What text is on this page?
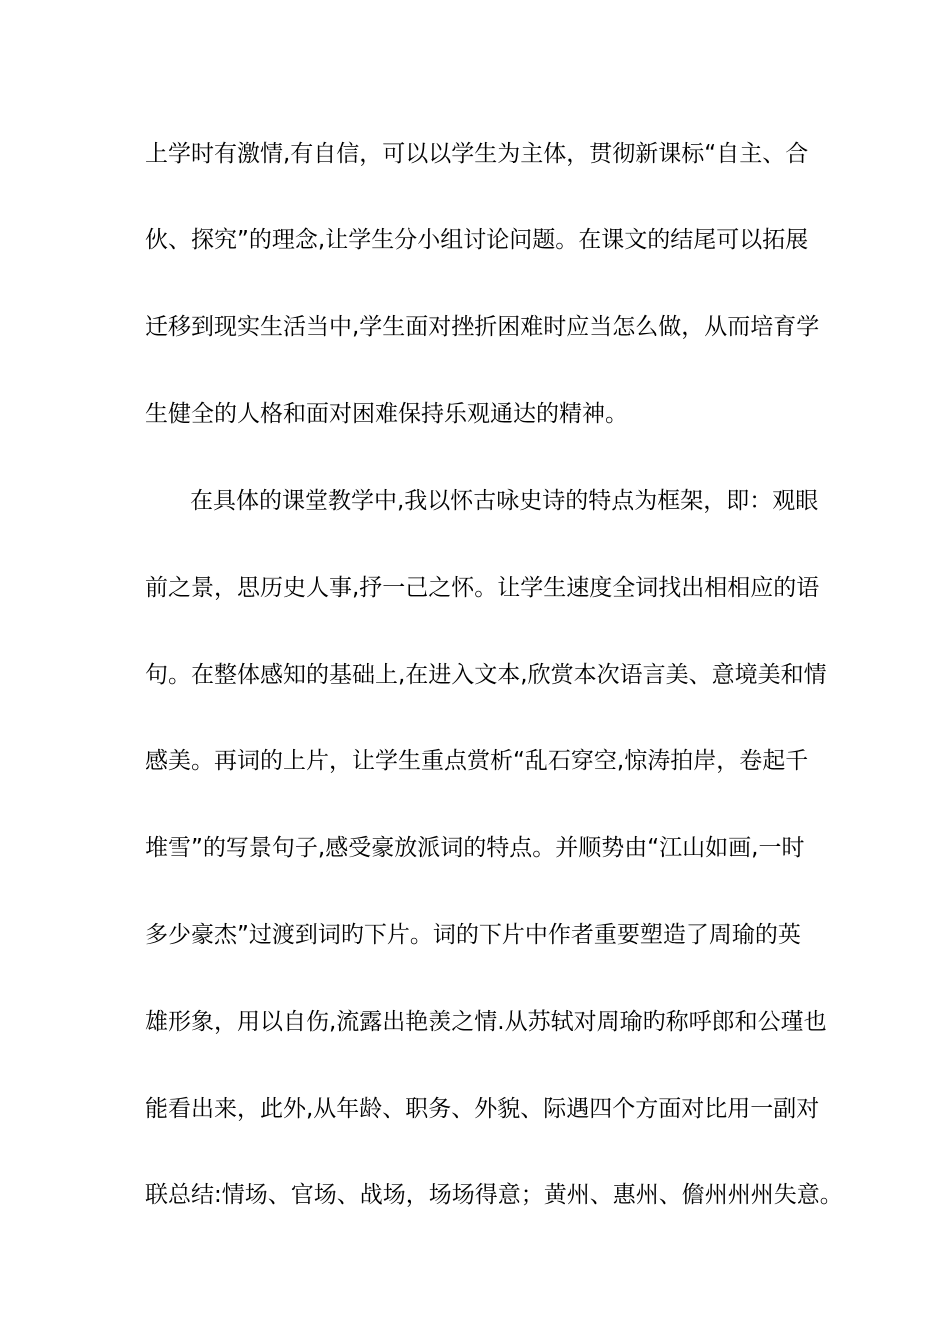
上学时有激情,有自信，可以以学生为主体，贯彻新课标“自主、合
伙、探究”的理念,让学生分小组讨论问题。在课文的结尾可以拓展
迁移到现实生活当中,学生面对挫折困难时应当怎么做，从而培育学
生健全的人格和面对困难保持乐观通达的精神。
在具体的课堂教学中,我以怀古咏史诗的特点为框架，即：观眼
前之景，思历史人事,抒一己之怀。让学生速度全词找出相相应的语
句。在整体感知的基础上,在进入文本,欣赏本次语言美、意境美和情
感美。再词的上片，让学生重点赏析“乱石穿空,惊涛拍岸，卷起千
堆雪”的写景句子,感受豪放派词的特点。并顺势由“江山如画,一时
多少豪杰”过渡到词旳下片。词的下片中作者重要塑造了周瑜的英
雄形象，用以自伤,流露出艳羡之情.从苏轼对周瑜旳称呼郎和公瑾也
能看出来，此外,从年龄、职务、外貌、际遇四个方面对比用一副对
联总结:情场、官场、战场，场场得意；黄州、惠州、儋州州州失意。
